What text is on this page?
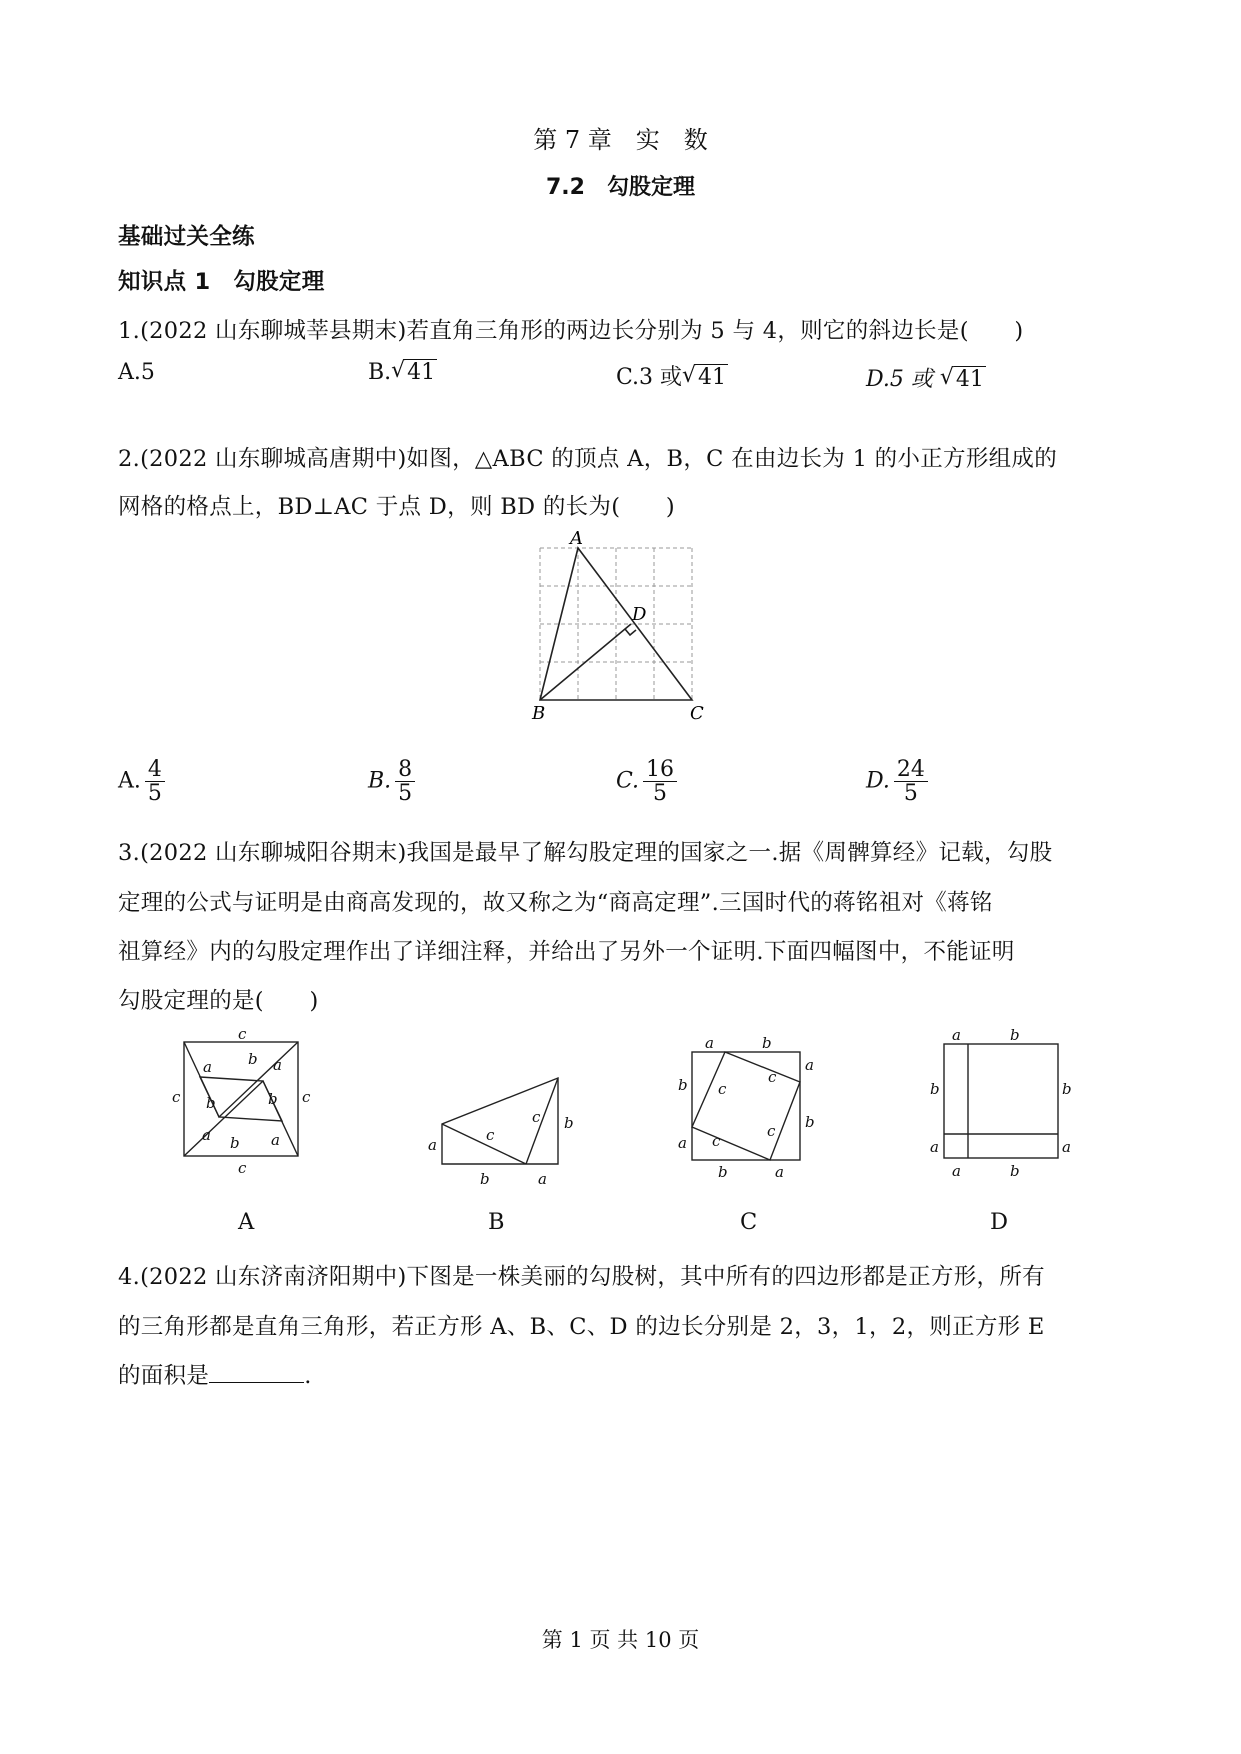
第 7 章　实　数
7.2　勾股定理
基础过关全练
知识点 1　勾股定理
1.(2022 山东聊城莘县期末)若直角三角形的两边长分别为 5 与 4，则它的斜边长是(　　)
A.5	B. √ 41	C.3 或 √ 41	D.5 或 √ 41
2.(2022 山东聊城高唐期中)如图，△ABC 的顶点 A，B，C 在由边长为 1 的小正方形组成的
网格的格点上，BD⊥AC 于点 D，则 BD 的长为(　　)
A
D
B	C
A. $\frac{4}{5}$	B. $\frac{8}{5}$	C. $\frac{16}{5}$	D. $\frac{24}{5}$
3.(2022 山东聊城阳谷期末)我国是最早了解勾股定理的国家之一.据《周髀算经》记载，勾股
定理的公式与证明是由商高发现的，故又称之为“商高定理”.三国时代的蒋铭祖对《蒋铭
祖算经》内的勾股定理作出了详细注释，并给出了另外一个证明.下面四幅图中，不能证明
勾股定理的是(　　)
c
c
c	c
a b a
b	b
a b a	a
b	a
c
c b
a	b
a
b
b
a
b	a
c
c
c
c
a	b
b	b
a	a
a	b
A	B	C	D
4.(2022 山东济南济阳期中)下图是一株美丽的勾股树，其中所有的四边形都是正方形，所有
的三角形都是直角三角形，若正方形 A、B、C、D 的边长分别是 2，3，1，2，则正方形 E
的面积是	.
第 1 页 共 10 页
